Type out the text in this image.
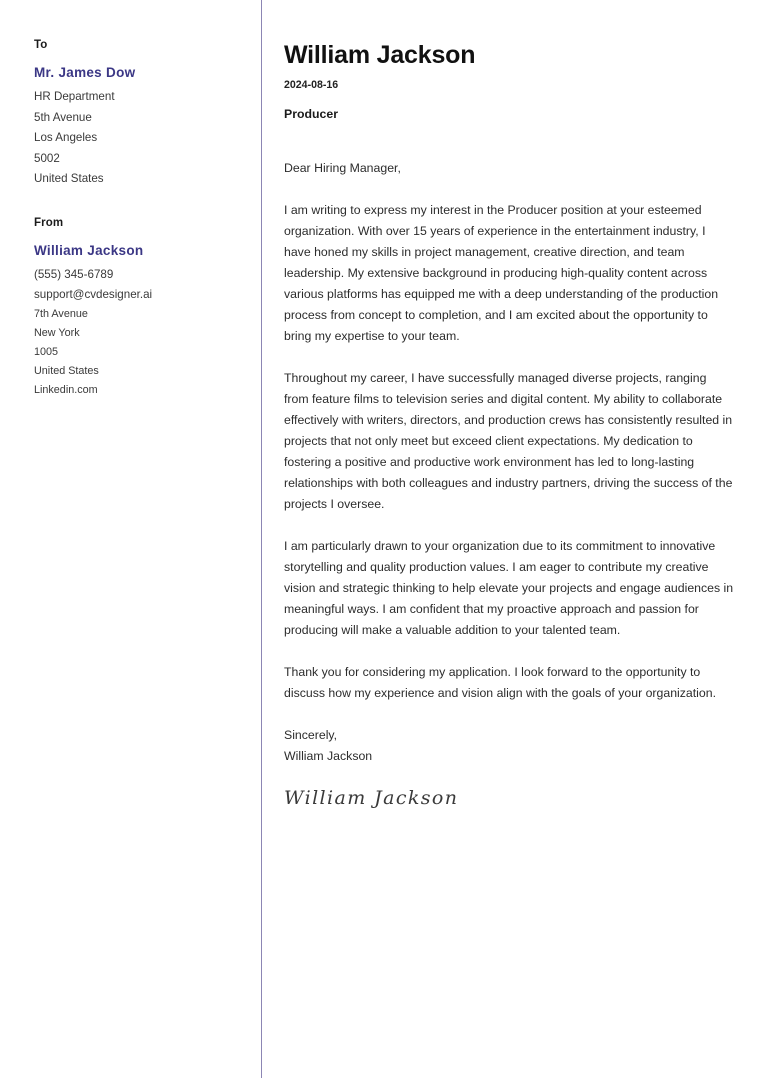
To
Mr. James Dow
HR Department
5th Avenue
Los Angeles
5002
United States
From
William Jackson
(555) 345-6789
support@cvdesigner.ai
7th Avenue
New York
1005
United States
Linkedin.com
William Jackson
2024-08-16
Producer

Dear Hiring Manager,

I am writing to express my interest in the Producer position at your esteemed organization. With over 15 years of experience in the entertainment industry, I have honed my skills in project management, creative direction, and team leadership. My extensive background in producing high-quality content across various platforms has equipped me with a deep understanding of the production process from concept to completion, and I am excited about the opportunity to bring my expertise to your team.

Throughout my career, I have successfully managed diverse projects, ranging from feature films to television series and digital content. My ability to collaborate effectively with writers, directors, and production crews has consistently resulted in projects that not only meet but exceed client expectations. My dedication to fostering a positive and productive work environment has led to long-lasting relationships with both colleagues and industry partners, driving the success of the projects I oversee.

I am particularly drawn to your organization due to its commitment to innovative storytelling and quality production values. I am eager to contribute my creative vision and strategic thinking to help elevate your projects and engage audiences in meaningful ways. I am confident that my proactive approach and passion for producing will make a valuable addition to your talented team.

Thank you for considering my application. I look forward to the opportunity to discuss how my experience and vision align with the goals of your organization.

Sincerely,
William Jackson
William Jackson
